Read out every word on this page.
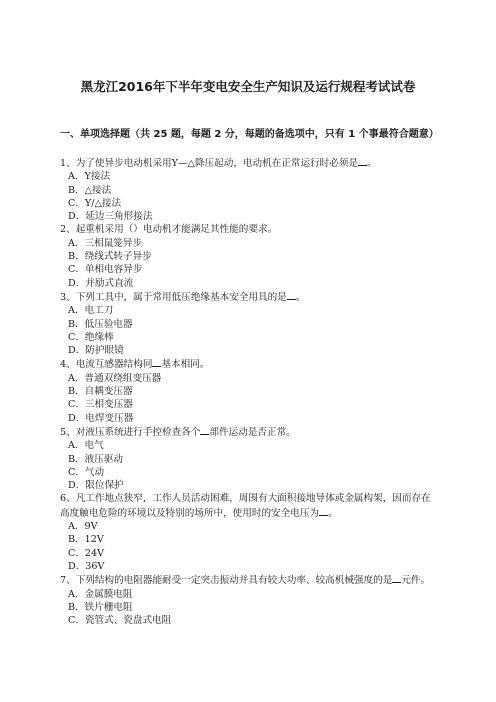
黑龙江2016年下半年变电安全生产知识及运行规程考试试卷
一、单项选择题（共 25 题，每题 2 分，每题的备选项中，只有 1 个事最符合题意）

1、为了使异步电动机采用Y—△降压起动，电动机在正常运行时必须是 。

A．Y接法

B．△接法

C．Y/△接法

D．延边三角形接法

2、起重机采用（）电动机才能满足其性能的要求。

A．三相鼠笼异步

B．绕线式转子异步

C．单相电容异步

D．并励式直流

3、下列工具中，属于常用低压绝缘基本安全用具的是 。

A．电工刀

B．低压验电器

C．绝缘棒

D．防护眼镜

4、电流互感器结构同 基本相同。

A．普通双绕组变压器

B．自耦变压器

C．三相变压器

D．电焊变压器

5、对液压系统进行手控检查各个 部件运动是否正常。

A．电气

B．液压驱动

C．气动

D．限位保护

6、凡工作地点狭窄，工作人员活动困难，周围有大面积接地导体或金属构架，因而存在高度触电危险的环境以及特别的场所中，使用时的安全电压为 。

A．9V

B．12V

C．24V

D．36V

7、下列结构的电阻器能耐受一定突击振动并具有较大功率、较高机械强度的是 元件。

A．金属膜电阻

B．铁片栅电阻

C．瓷管式、瓷盘式电阻
